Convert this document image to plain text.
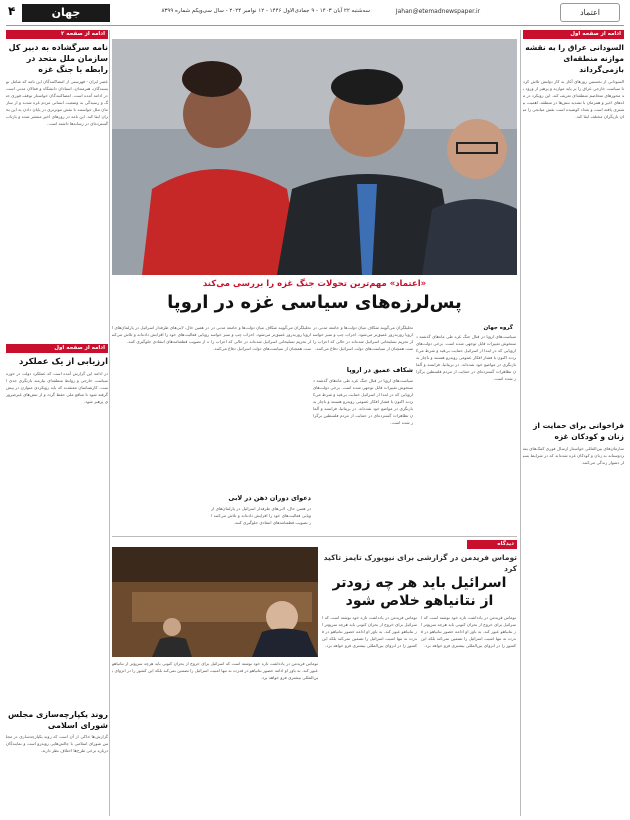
۴	جهان	سه‌شنبه ۲۲ آبان ۱۴۰۳ - ۹ جمادی‌الاول ۱۴۴۶ - ۱۲ نوامبر ۲۰۲۴ - سال سی‌ویکم شماره ۸۳۹۹	Jahan@etemadnewspaper.ir	اعتماد
ادامه از صفحه ۲
نامه سرگشاده به دبیر کل سازمان ملل متحد در رابطه با جنگ غزه
عصر ایران - فهرستی از امضاکنندگان این نامه که شامل نویسندگان، هنرمندان، استادان دانشگاه و فعالان مدنی است در ادامه آمده است. امضاکنندگان خواستار توقف فوری جنگ و رسیدگی به وضعیت انسانی مردم غزه شدند و از سازمان ملل خواستند تا نقش موثرتری در پایان دادن به این بحران ایفا کند. این نامه در روزهای اخیر منتشر شده و بازتاب گسترده‌ای در رسانه‌ها داشته است.
ادامه از صفحه اول
ارزیابی از یک عملکرد
در ادامه این گزارش آمده است که عملکرد دولت در حوزه سیاست خارجی و روابط منطقه‌ای نیازمند بازنگری جدی است. کارشناسان معتقدند که باید رویکردی متوازن در پیش گرفته شود تا منافع ملی حفظ گردد و از تنش‌های غیرضروری پرهیز شود.
روند یکپارچه‌سازی مجلس شورای اسلامی
گزارش‌ها حاکی از آن است که روند یکپارچه‌سازی در مجلس شورای اسلامی با چالش‌هایی روبه‌رو است و نمایندگان درباره برخی طرح‌ها اختلاف نظر دارند.
«اعتماد» مهم‌ترین تحولات جنگ غزه را بررسی می‌کند
پس‌لرزه‌های سیاسی غزه در اروپا
گروه جهان
سیاست‌های اروپا در قبال جنگ غزه طی ماه‌های گذشته دستخوش تغییرات قابل توجهی شده است. برخی دولت‌های اروپایی که در ابتدا از اسرائیل حمایت بی‌قید و شرط می‌کردند اکنون با فشار افکار عمومی روبه‌رو هستند و ناچار به بازنگری در مواضع خود شده‌اند. در بریتانیا، فرانسه و آلمان تظاهرات گسترده‌ای در حمایت از مردم فلسطین برگزار شده است.
تحلیلگران می‌گویند شکاف میان دولت‌ها و جامعه مدنی در اروپا روزبه‌روز عمیق‌تر می‌شود. احزاب چپ و سبز خواستار تحریم تسلیحاتی اسرائیل شده‌اند در حالی که احزاب راست همچنان از سیاست‌های دولت اسرائیل دفاع می‌کنند.
شکاف عمیق در اروپا
سیاست‌های اروپا در قبال جنگ غزه طی ماه‌های گذشته دستخوش تغییرات قابل توجهی شده است. برخی دولت‌های اروپایی که در ابتدا از اسرائیل حمایت بی‌قید و شرط می‌کردند اکنون با فشار افکار عمومی روبه‌رو هستند و ناچار به بازنگری در مواضع خود شده‌اند. در بریتانیا، فرانسه و آلمان تظاهرات گسترده‌ای در حمایت از مردم فلسطین برگزار شده است.
تحلیلگران می‌گویند شکاف میان دولت‌ها و جامعه مدنی در اروپا روزبه‌روز عمیق‌تر می‌شود. احزاب چپ و سبز خواستار تحریم تسلیحاتی اسرائیل شده‌اند در حالی که احزاب راست همچنان از سیاست‌های دولت اسرائیل دفاع می‌کنند.
دعوای دوران ذهن در لابی
در همین حال، لابی‌های طرفدار اسرائیل در پارلمان‌های اروپایی فعالیت‌های خود را افزایش داده‌اند و تلاش می‌کنند از تصویب قطعنامه‌های انتقادی جلوگیری کنند.
در همین حال، لابی‌های طرفدار اسرائیل در پارلمان‌های اروپایی فعالیت‌های خود را افزایش داده‌اند و تلاش می‌کنند از تصویب قطعنامه‌های انتقادی جلوگیری کنند.
توماس فریدمن در یادداشت تازه خود نوشته است که اسرائیل برای خروج از بحران کنونی باید هرچه سریع‌تر از نتانیاهو عبور کند. به باور او ادامه حضور نتانیاهو در قدرت نه تنها امنیت اسرائیل را تضمین نمی‌کند بلکه این کشور را در انزوای بین‌المللی بیشتری فرو خواهد برد.
دیدگاه
توماس فریدمن در گزارشی برای نیویورک تایمز تاکید کرد
اسرائیل باید هر چه زودتر
از نتانیاهو خلاص شود
توماس فریدمن در یادداشت تازه خود نوشته است که اسرائیل برای خروج از بحران کنونی باید هرچه سریع‌تر از نتانیاهو عبور کند. به باور او ادامه حضور نتانیاهو در قدرت نه تنها امنیت اسرائیل را تضمین نمی‌کند بلکه این کشور را در انزوای بین‌المللی بیشتری فرو خواهد برد.
توماس فریدمن در یادداشت تازه خود نوشته است که اسرائیل برای خروج از بحران کنونی باید هرچه سریع‌تر از نتانیاهو عبور کند. به باور او ادامه حضور نتانیاهو در قدرت نه تنها امنیت اسرائیل را تضمین نمی‌کند بلکه این کشور را در انزوای بین‌المللی بیشتری فرو خواهد برد.
ادامه از صفحه اول
السودانی عراق را به نقشه موازنه منطقه‌ای بازمی‌گرداند
السودانی از نخستین روزهای آغاز به کار دولتش تلاش کرد تا سیاست خارجی عراق را بر پایه موازنه و پرهیز از ورود به محورهای متخاصم منطقه‌ای تعریف کند. این رویکرد در ماه‌های اخیر و همزمان با تشدید تنش‌ها در منطقه، اهمیت بیشتری یافته است و بغداد کوشیده است نقش میانجی را میان بازیگران مختلف ایفا کند.
فراخوانی برای حمایت از زنان و کودکان غزه
سازمان‌های بین‌المللی خواستار ارسال فوری کمک‌های بشردوستانه به زنان و کودکان غزه شده‌اند که در شرایط بسیار دشوار زندگی می‌کنند.
